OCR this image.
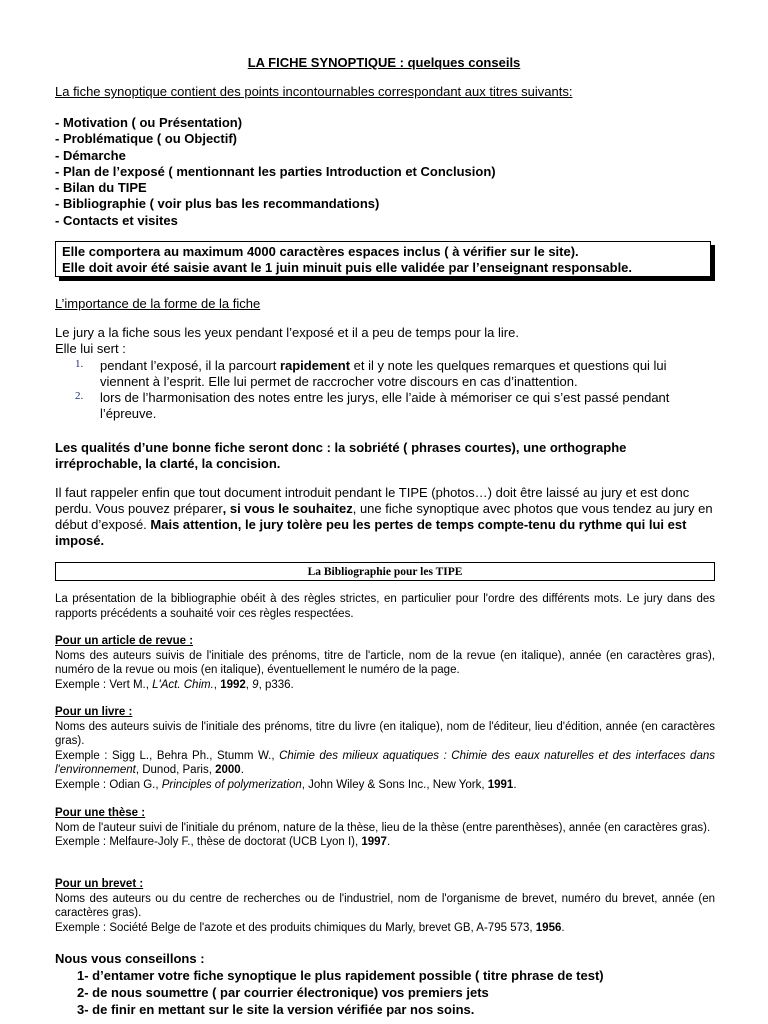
LA FICHE SYNOPTIQUE : quelques conseils
La fiche synoptique contient des points incontournables correspondant aux titres suivants:
- Motivation ( ou Présentation)
- Problématique ( ou Objectif)
- Démarche
- Plan de l’exposé ( mentionnant les parties Introduction et Conclusion)
- Bilan du TIPE
- Bibliographie ( voir plus bas les recommandations)
- Contacts et visites
Elle comportera au maximum 4000 caractères espaces inclus ( à vérifier sur le site).
Elle doit avoir été saisie avant le 1 juin minuit puis elle validée par l’enseignant responsable.
L’importance de la forme de la fiche
Le jury a la fiche sous les yeux pendant l’exposé et il a peu de temps pour la lire.
Elle lui sert :
1.	pendant l’exposé, il la parcourt rapidement et il y note les quelques remarques et questions qui lui viennent à l’esprit. Elle lui permet de raccrocher votre discours en cas d’inattention.
2.	lors de l’harmonisation des notes entre les jurys, elle l’aide à mémoriser ce qui s’est passé pendant l’épreuve.
Les qualités d’une bonne fiche seront donc : la sobriété ( phrases courtes), une orthographe irréprochable, la clarté, la concision.
Il faut rappeler enfin que tout document introduit pendant le TIPE (photos…) doit être laissé au jury et est donc perdu. Vous pouvez préparer, si vous le souhaitez, une fiche synoptique avec photos que vous tendez au jury en début d’exposé. Mais attention, le jury tolère peu les pertes de temps compte-tenu du rythme qui lui est imposé.
La Bibliographie pour les TIPE
La présentation de la bibliographie obéit à des règles strictes, en particulier pour l'ordre des différents mots. Le jury dans des rapports précédents a souhaité voir ces règles respectées.
Pour un article de revue :
Noms des auteurs suivis de l'initiale des prénoms, titre de l'article, nom de la revue (en italique), année (en caractères gras), numéro de la revue ou mois (en italique), éventuellement le numéro de la page.
Exemple : Vert M., L'Act. Chim., 1992, 9, p336.
Pour un livre :
Noms des auteurs suivis de l'initiale des prénoms, titre du livre (en italique), nom de l'éditeur, lieu d'édition, année (en caractères gras).
Exemple : Sigg L., Behra Ph., Stumm W., Chimie des milieux aquatiques : Chimie des eaux naturelles et des interfaces dans l'environnement, Dunod, Paris, 2000.
Exemple : Odian G., Principles of polymerization, John Wiley & Sons Inc., New York, 1991.
Pour une thèse :
Nom de l'auteur suivi de l'initiale du prénom, nature de la thèse, lieu de la thèse (entre parenthèses), année (en caractères gras).
Exemple : Melfaure-Joly F., thèse de doctorat (UCB Lyon I), 1997.
Pour un brevet :
Noms des auteurs ou du centre de recherches ou de l'industriel, nom de l'organisme de brevet, numéro du brevet, année (en caractères gras).
Exemple : Société Belge de l'azote et des produits chimiques du Marly, brevet GB, A-795 573, 1956.
Nous vous conseillons :
1- d’entamer votre fiche synoptique le plus rapidement possible ( titre phrase de test)
2- de nous soumettre ( par courrier électronique) vos premiers jets
3- de finir en mettant sur le site la version vérifiée par nos soins.
